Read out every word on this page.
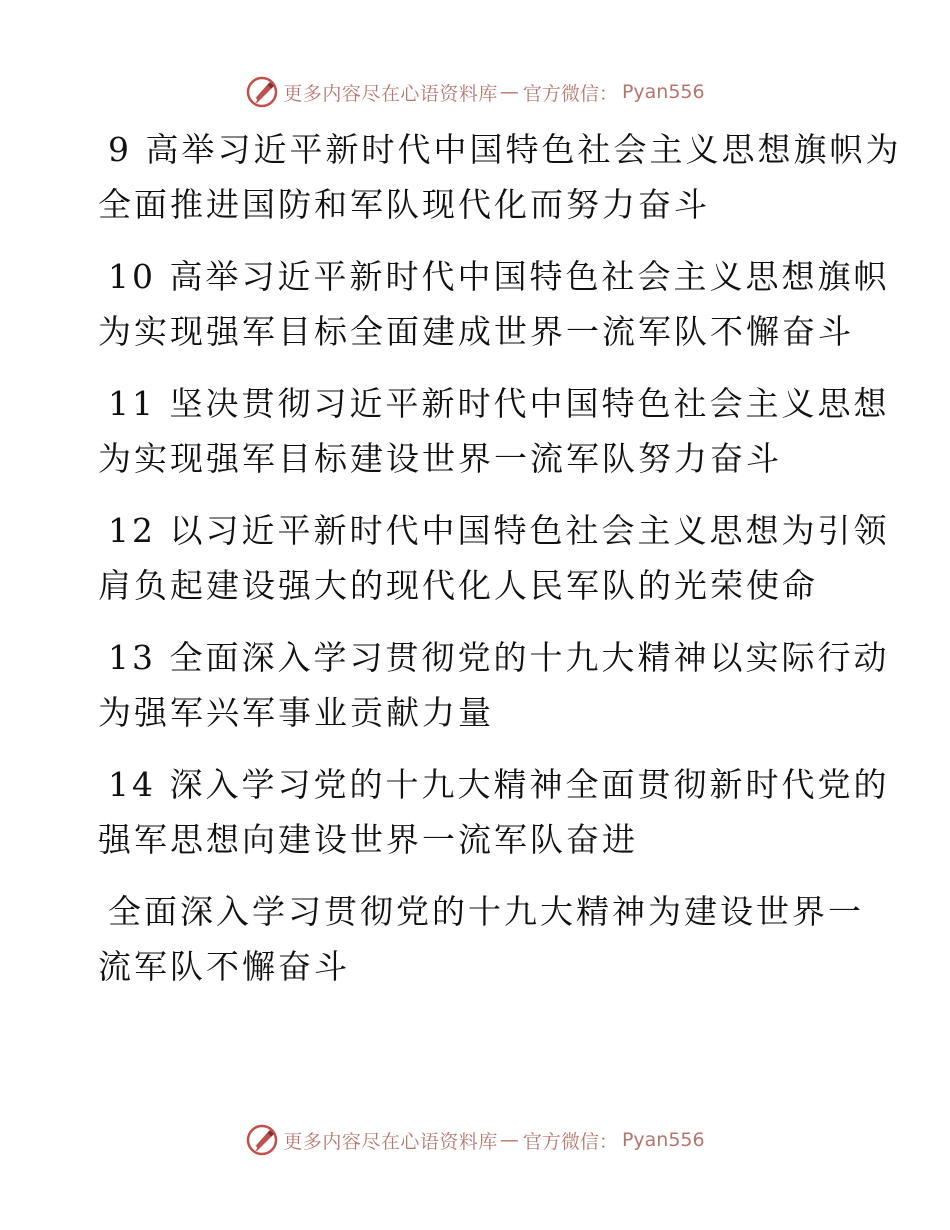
更多内容尽在心语资料库 — 官方微信： Pyan556

9 高举习近平新时代中国特色社会主义思想旗帜为
全面推进国防和军队现代化而努力奋斗

10 高举习近平新时代中国特色社会主义思想旗帜
为实现强军目标全面建成世界一流军队不懈奋斗

11 坚决贯彻习近平新时代中国特色社会主义思想
为实现强军目标建设世界一流军队努力奋斗

12 以习近平新时代中国特色社会主义思想为引领
肩负起建设强大的现代化人民军队的光荣使命

13 全面深入学习贯彻党的十九大精神以实际行动
为强军兴军事业贡献力量

14 深入学习党的十九大精神全面贯彻新时代党的
强军思想向建设世界一流军队奋进

全面深入学习贯彻党的十九大精神为建设世界一
流军队不懈奋斗

更多内容尽在心语资料库 — 官方微信： Pyan556
